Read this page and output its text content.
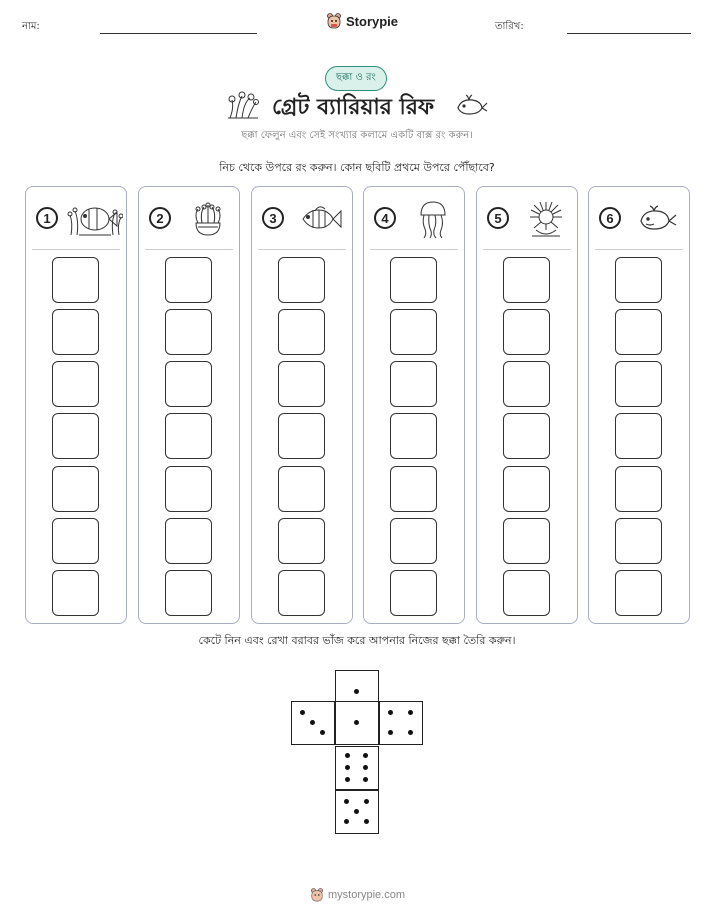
নাম:	Storypie	তারিখ:
ছক্কা ও রং
গ্রেট ব্যারিয়ার রিফ
ছক্কা ফেলুন এবং সেই সংখ্যার কলামে একটি বাক্স রং করুন।
নিচ থেকে উপরে রং করুন। কোন ছবিটি প্রথমে উপরে পৌঁছাবে?
1	2	3	4	5	6
কেটে নিন এবং রেখা বরাবর ভাঁজ করে আপনার নিজের ছক্কা তৈরি করুন।
mystorypie.com
